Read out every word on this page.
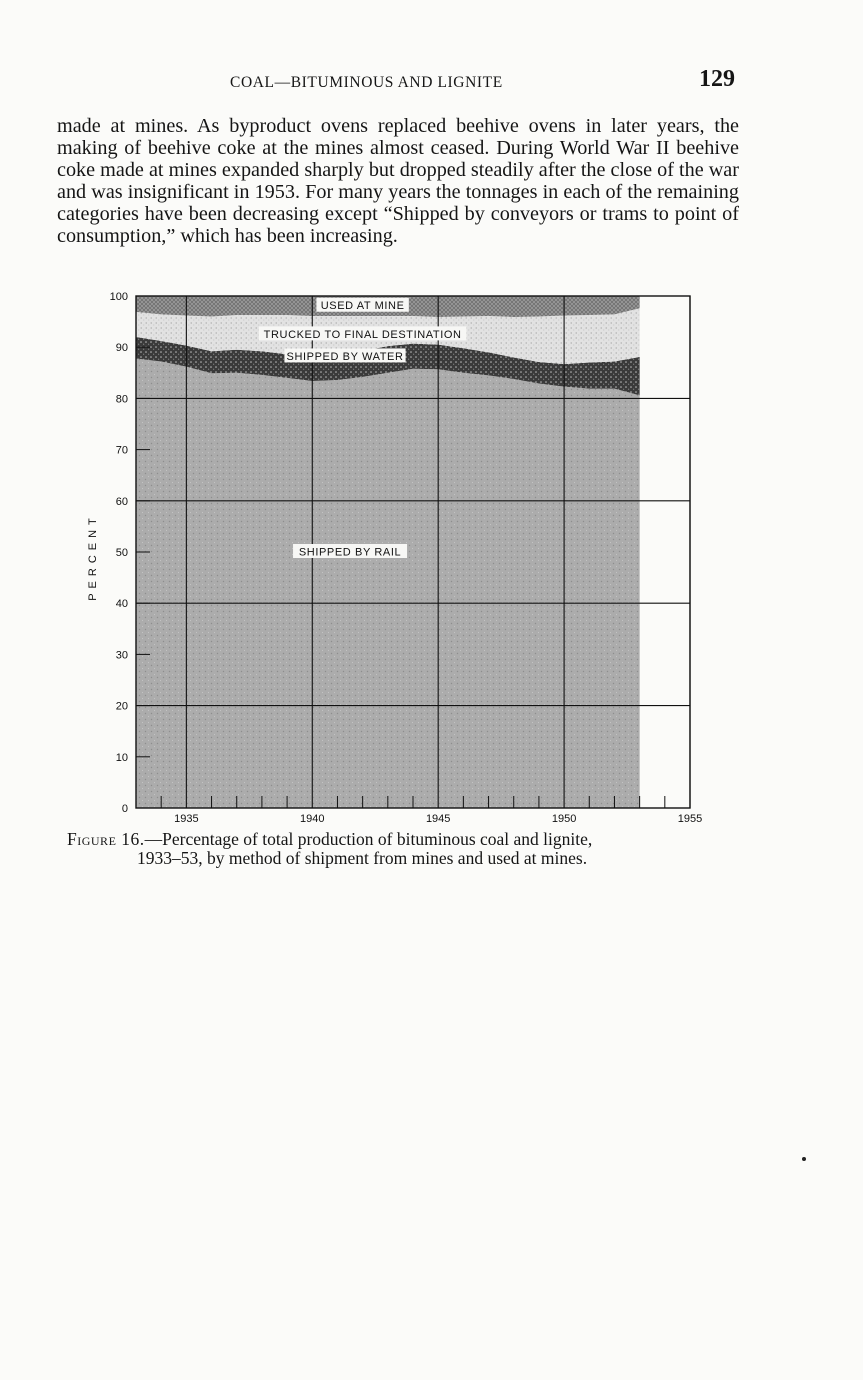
COAL—BITUMINOUS AND LIGNITE	129

made at mines. As byproduct ovens replaced beehive ovens in later years, the making of beehive coke at the mines almost ceased. During World War II beehive coke made at mines expanded sharply but dropped steadily after the close of the war and was insignificant in 1953. For many years the tonnages in each of the remaining categories have been decreasing except “Shipped by conveyors or trams to point of consumption,” which has been increasing.

0
10
20
30
40
50
60
70
80
90
100
1935	1940	1945	1950	1955
PERCENT	SHIPPED BY RAIL
SHIPPED BY WATER
TRUCKED TO FINAL DESTINATION
USED AT MINE

Figure 16.—Percentage of total production of bituminous coal and lignite,
1933–53, by method of shipment from mines and used at mines.
